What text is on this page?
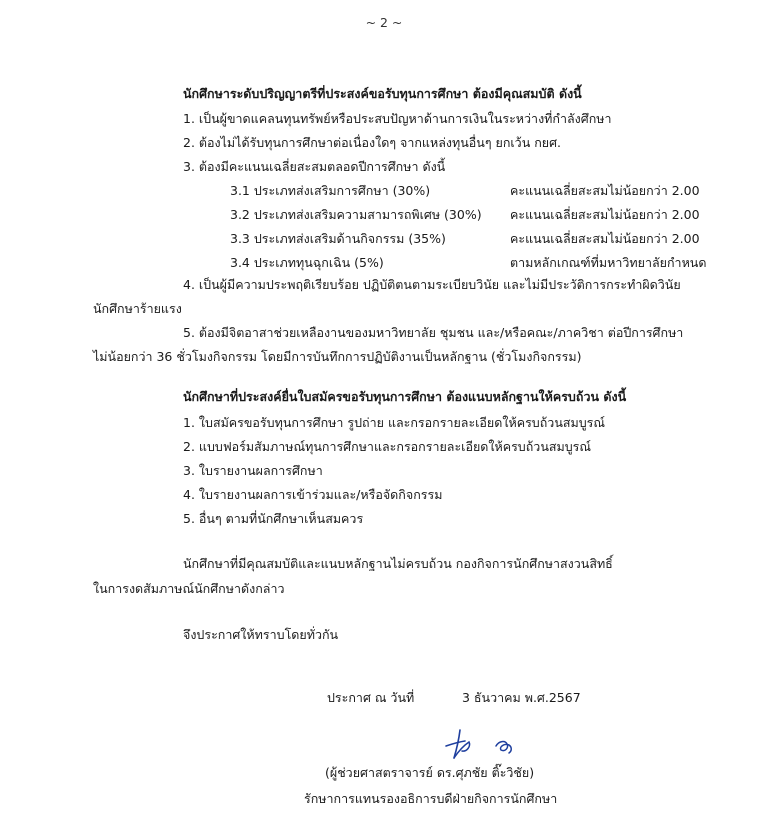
~ 2 ~
นักศึกษาระดับปริญญาตรีที่ประสงค์ขอรับทุนการศึกษา ต้องมีคุณสมบัติ ดังนี้
1. เป็นผู้ขาดแคลนทุนทรัพย์หรือประสบปัญหาด้านการเงินในระหว่างที่กำลังศึกษา
2. ต้องไม่ได้รับทุนการศึกษาต่อเนื่องใดๆ จากแหล่งทุนอื่นๆ ยกเว้น กยศ.
3. ต้องมีคะแนนเฉลี่ยสะสมตลอดปีการศึกษา ดังนี้
3.1 ประเภทส่งเสริมการศึกษา (30%)	คะแนนเฉลี่ยสะสมไม่น้อยกว่า 2.00
3.2 ประเภทส่งเสริมความสามารถพิเศษ (30%) คะแนนเฉลี่ยสะสมไม่น้อยกว่า 2.00
3.3 ประเภทส่งเสริมด้านกิจกรรม (35%)	คะแนนเฉลี่ยสะสมไม่น้อยกว่า 2.00
3.4 ประเภททุนฉุกเฉิน (5%)	ตามหลักเกณฑ์ที่มหาวิทยาลัยกำหนด
4. เป็นผู้มีความประพฤติเรียบร้อย ปฏิบัติตนตามระเบียบวินัย และไม่มีประวัติการกระทำผิดวินัย
นักศึกษาร้ายแรง
5. ต้องมีจิตอาสาช่วยเหลืองานของมหาวิทยาลัย ชุมชน และ/หรือคณะ/ภาควิชา ต่อปีการศึกษา
ไม่น้อยกว่า 36 ชั่วโมงกิจกรรม โดยมีการบันทึกการปฏิบัติงานเป็นหลักฐาน (ชั่วโมงกิจกรรม)
นักศึกษาที่ประสงค์ยื่นใบสมัครขอรับทุนการศึกษา ต้องแนบหลักฐานให้ครบถ้วน ดังนี้
1. ใบสมัครขอรับทุนการศึกษา รูปถ่าย และกรอกรายละเอียดให้ครบถ้วนสมบูรณ์
2. แบบฟอร์มสัมภาษณ์ทุนการศึกษาและกรอกรายละเอียดให้ครบถ้วนสมบูรณ์
3. ใบรายงานผลการศึกษา
4. ใบรายงานผลการเข้าร่วมและ/หรือจัดกิจกรรม
5. อื่นๆ ตามที่นักศึกษาเห็นสมควร
นักศึกษาที่มีคุณสมบัติและแนบหลักฐานไม่ครบถ้วน กองกิจการนักศึกษาสงวนสิทธิ์
ในการงดสัมภาษณ์นักศึกษาดังกล่าว
จึงประกาศให้ทราบโดยทั่วกัน
ประกาศ ณ วันที่	3 ธันวาคม พ.ศ.2567
(ผู้ช่วยศาสตราจารย์ ดร.ศุภชัย ติ๊ะวิชัย)
รักษาการแทนรองอธิการบดีฝ่ายกิจการนักศึกษา
